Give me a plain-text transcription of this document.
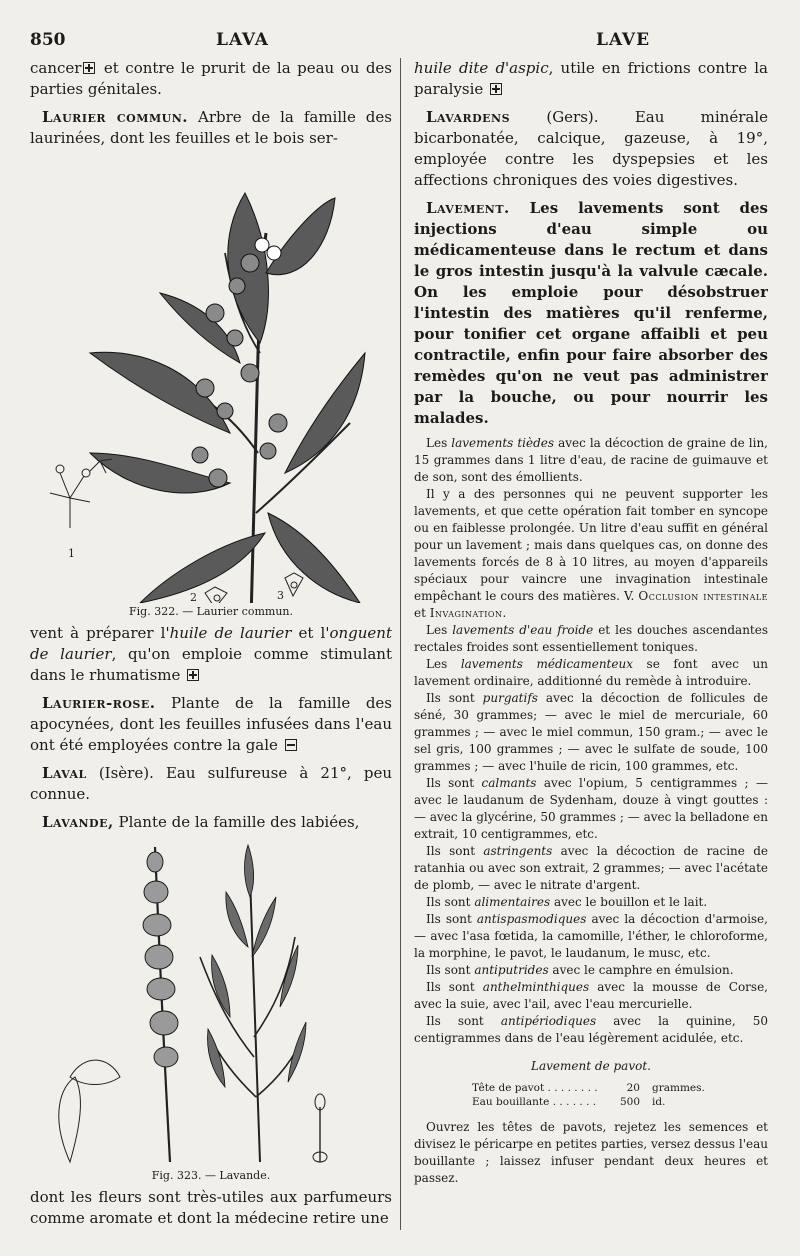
850	LAVA	LAVE

cancer et contre le prurit de la peau ou des parties génitales.

Laurier commun. Arbre de la famille des laurinées, dont les feuilles et le bois ser-

1
2	3
Fig. 322. — Laurier commun.

vent à préparer l'huile de laurier et l'onguent de laurier, qu'on emploie comme stimulant dans le rhumatisme

Laurier-rose. Plante de la famille des apocynées, dont les feuilles infusées dans l'eau ont été employées contre la gale

Laval (Isère). Eau sulfureuse à 21°, peu connue.

Lavande, Plante de la famille des labiées,

Fig. 323. — Lavande.

dont les fleurs sont très-utiles aux parfumeurs comme aromate et dont la médecine retire une

huile dite d'aspic, utile en frictions contre la paralysie

Lavardens (Gers). Eau minérale bicarbonatée, calcique, gazeuse, à 19°, employée contre les dyspepsies et les affections chroniques des voies digestives.

Lavement. Les lavements sont des injections d'eau simple ou médicamenteuse dans le rectum et dans le gros intestin jusqu'à la valvule cæcale. On les emploie pour désobstruer l'intestin des matières qu'il renferme, pour tonifier cet organe affaibli et peu contractile, enfin pour faire absorber des remèdes qu'on ne veut pas administrer par la bouche, ou pour nourrir les malades.

Les lavements tièdes avec la décoction de graine de lin, 15 grammes dans 1 litre d'eau, de racine de guimauve et de son, sont des émollients.

Il y a des personnes qui ne peuvent supporter les lavements, et que cette opération fait tomber en syncope ou en faiblesse prolongée. Un litre d'eau suffit en général pour un lavement ; mais dans quelques cas, on donne des lavements forcés de 8 à 10 litres, au moyen d'appareils spéciaux pour vaincre une invagination intestinale empêchant le cours des matières. V. Occlusion intestinale et Invagination.

Les lavements d'eau froide et les douches ascendantes rectales froides sont essentiellement toniques.

Les lavements médicamenteux se font avec un lavement ordinaire, additionné du remède à introduire.

Ils sont purgatifs avec la décoction de follicules de séné, 30 grammes; — avec le miel de mercuriale, 60 grammes ; — avec le miel commun, 150 gram.; — avec le sel gris, 100 grammes ; — avec le sulfate de soude, 100 grammes ; — avec l'huile de ricin, 100 grammes, etc.

Ils sont calmants avec l'opium, 5 centigrammes ; — avec le laudanum de Sydenham, douze à vingt gouttes : — avec la glycérine, 50 grammes ; — avec la belladone en extrait, 10 centigrammes, etc.

Ils sont astringents avec la décoction de racine de ratanhia ou avec son extrait, 2 grammes; — avec l'acétate de plomb, — avec le nitrate d'argent.

Ils sont alimentaires avec le bouillon et le lait.

Ils sont antispasmodiques avec la décoction d'armoise, — avec l'asa fœtida, la camomille, l'éther, le chloroforme, la morphine, le pavot, le laudanum, le musc, etc.

Ils sont antiputrides avec le camphre en émulsion.

Ils sont anthelminthiques avec la mousse de Corse, avec la suie, avec l'ail, avec l'eau mercurielle.

Ils sont antipériodiques avec la quinine, 50 centigrammes dans de l'eau légèrement acidulée, etc.

Lavement de pavot.
Tête de pavot . . .	20 grammes.
Eau bouillante . . .	500 id.

Ouvrez les têtes de pavots, rejetez les semences et divisez le péricarpe en petites parties, versez dessus l'eau bouillante ; laissez infuser pendant deux heures et passez.
